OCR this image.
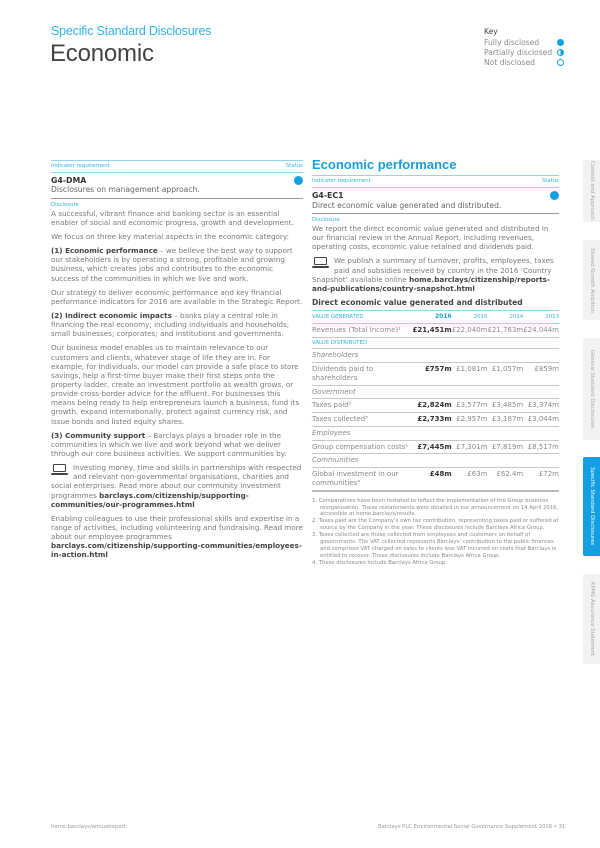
Specific Standard Disclosures
Economic
Key
Fully disclosed
Partially disclosed
Not disclosed
Indicator requirement	Status
G4-DMA
Disclosures on management approach.
Disclosure

A successful, vibrant finance and banking sector is an essential enabler of social and economic progress, growth and development.

We focus on three key material aspects in the economic category:

(1) Economic performance – we believe the best way to support our stakeholders is by operating a strong, profitable and growing business, which creates jobs and contributes to the economic success of the communities in which we live and work.

Our strategy to deliver economic performance and key financial performance indicators for 2016 are available in the Strategic Report.

(2) Indirect economic impacts – banks play a central role in financing the real economy; including individuals and households; small businesses; corporates; and institutions and governments.

Our business model enables us to maintain relevance to our customers and clients, whatever stage of life they are in. For example, for individuals, our model can provide a safe place to store savings, help a first-time buyer make their first steps onto the property ladder, create an investment portfolio as wealth grows, or provide cross-border advice for the affluent. For businesses this means being ready to help entrepreneurs launch a business, fund its growth, expand internationally, protect against currency risk, and issue bonds and listed equity shares.

(3) Community support – Barclays plays a broader role in the communities in which we live and work beyond what we deliver through our core business activities. We support communities by:

Investing money, time and skills in partnerships with respected and relevant non-governmental organisations, charities and social enterprises. Read more about our community investment programmes barclays.com/citizenship/supporting-communities/our-programmes.html

Enabling colleagues to use their professional skills and expertise in a range of activities, including volunteering and fundraising. Read more about our employee programmes barclays.com/citizenship/supporting-communities/employees-in-action.html

Economic performance
Indicator requirement	Status
G4-EC1
Direct economic value generated and distributed.
Disclosure

We report the direct economic value generated and distributed in our financial review in the Annual Report, including revenues, operating costs, economic value retained and dividends paid.

We publish a summary of turnover, profits, employees, taxes paid and subsidies received by country in the 2016 ‘Country Snapshot’ available online home.barclays/citizenship/reports-and-publications/country-snapshot.html

Direct economic value generated and distributed
VALUE GENERATED	2016	2015	2014	2013
Revenues (Total Income)¹	£21,451m	£22,040m	£21,763m	£24,044m
VALUE DISTRIBUTED				
Shareholders				
Dividends paid to shareholders	£757m	£1,081m	£1,057m	£859m
Government				
Taxes paid²	£2,824m	£3,577m	£3,485m	£3,374m
Taxes collected³	£2,733m	£2,957m	£3,187m	£3,044m
Employees				
Group compensation costs¹	£7,445m	£7,301m	£7,819m	£8,517m
Communities				
Global investment in our communities⁴	£48m	£63m	£62.4m	£72m
1. Comparatives have been restated to reflect the implementation of the Group business reorganisation. These restatements were detailed in our announcement on 14 April 2016, accessible at home.barclays/results.
2. Taxes paid are the Company’s own tax contribution, representing taxes paid or suffered at source by the Company in the year. These disclosures include Barclays Africa Group.
3. Taxes collected are those collected from employees and customers on behalf of governments. The VAT collected represents Barclays’ contribution to the public finances and comprises VAT charged on sales to clients less VAT incurred on costs that Barclays is entitled to recover. These disclosures include Barclays Africa Group.
4. These disclosures include Barclays Africa Group.
Context and Approach
Shared Growth Ambition
General Standard Disclosures
Specific Standard Disclosures
KPMG Assurance Statement
home.barclays/annualreport	Barclays PLC Environmental Social Governance Supplement 2016 • 31
